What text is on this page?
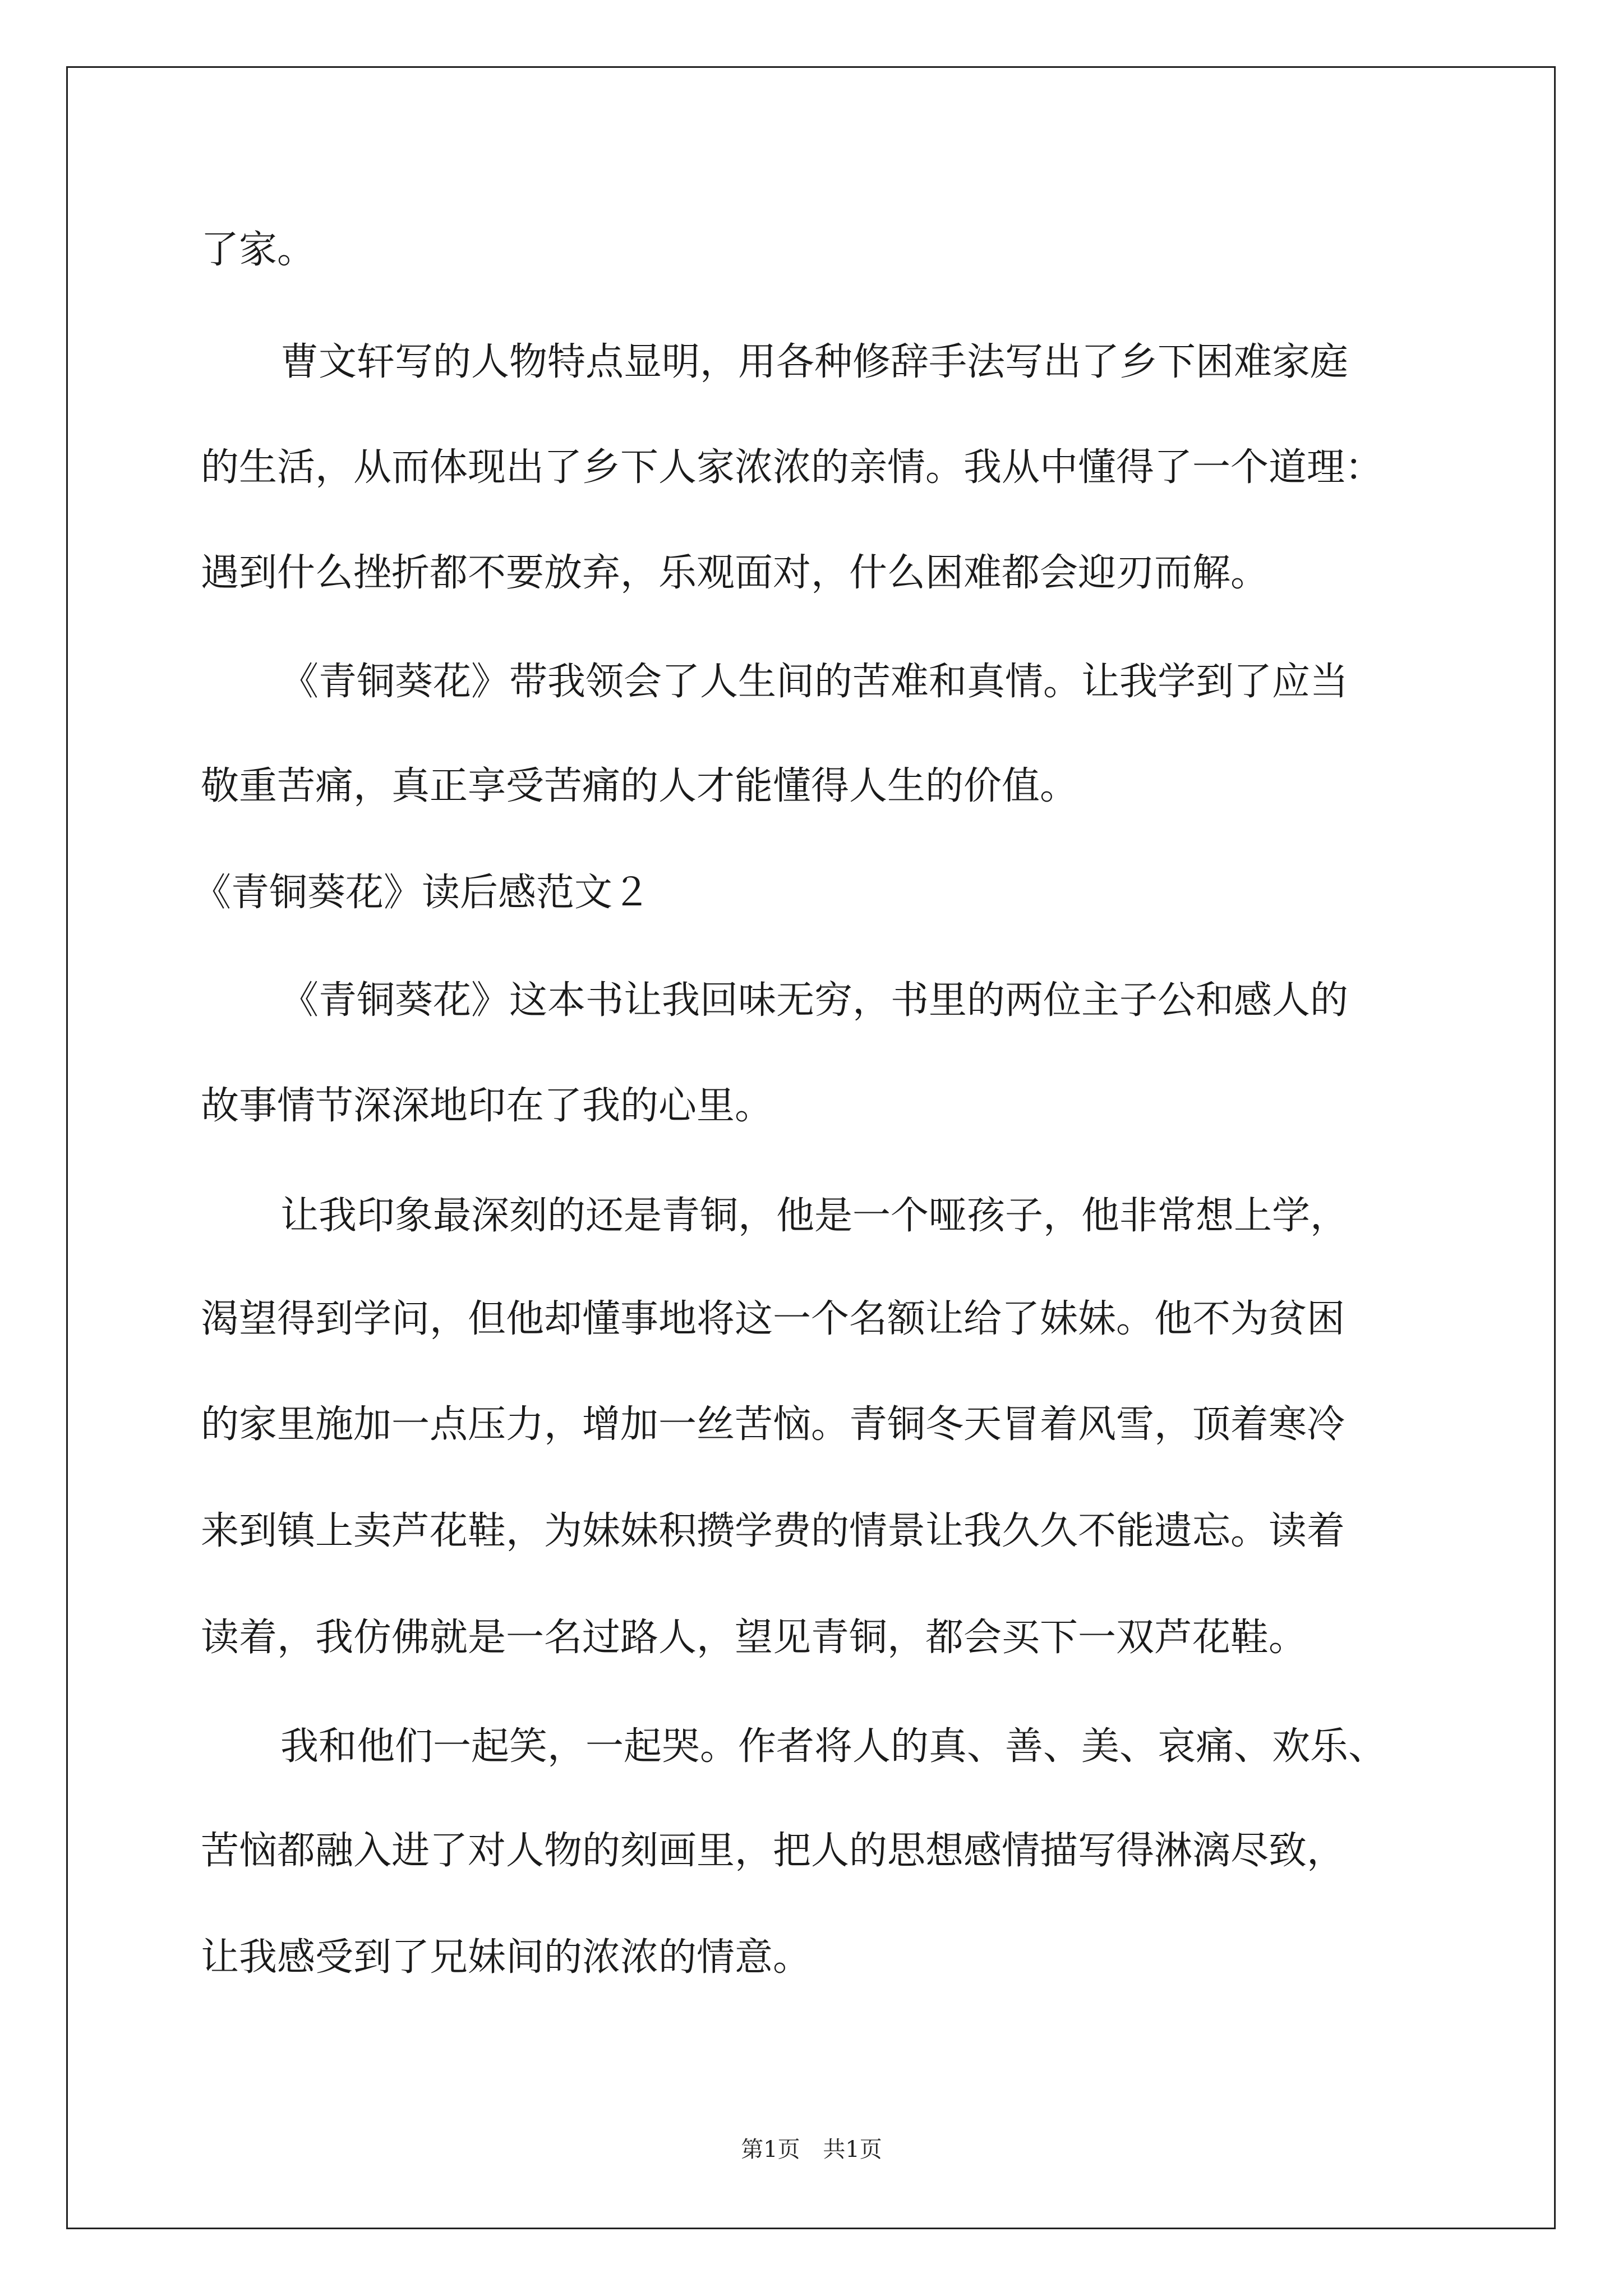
了家。

曹文轩写的人物特点显明，用各种修辞手法写出了乡下困难家庭

的生活，从而体现出了乡下人家浓浓的亲情。我从中懂得了一个道理：

遇到什么挫折都不要放弃，乐观面对，什么困难都会迎刃而解。

《青铜葵花》带我领会了人生间的苦难和真情。让我学到了应当

敬重苦痛，真正享受苦痛的人才能懂得人生的价值。

《青铜葵花》读后感范文２

《青铜葵花》这本书让我回味无穷，书里的两位主子公和感人的

故事情节深深地印在了我的心里。

让我印象最深刻的还是青铜，他是一个哑孩子，他非常想上学，

渴望得到学问，但他却懂事地将这一个名额让给了妹妹。他不为贫困

的家里施加一点压力，增加一丝苦恼。青铜冬天冒着风雪，顶着寒冷

来到镇上卖芦花鞋，为妹妹积攒学费的情景让我久久不能遗忘。读着

读着，我仿佛就是一名过路人，望见青铜，都会买下一双芦花鞋。

我和他们一起笑，一起哭。作者将人的真、善、美、哀痛、欢乐、

苦恼都融入进了对人物的刻画里，把人的思想感情描写得淋漓尽致，

让我感受到了兄妹间的浓浓的情意。

第1页 共1页
